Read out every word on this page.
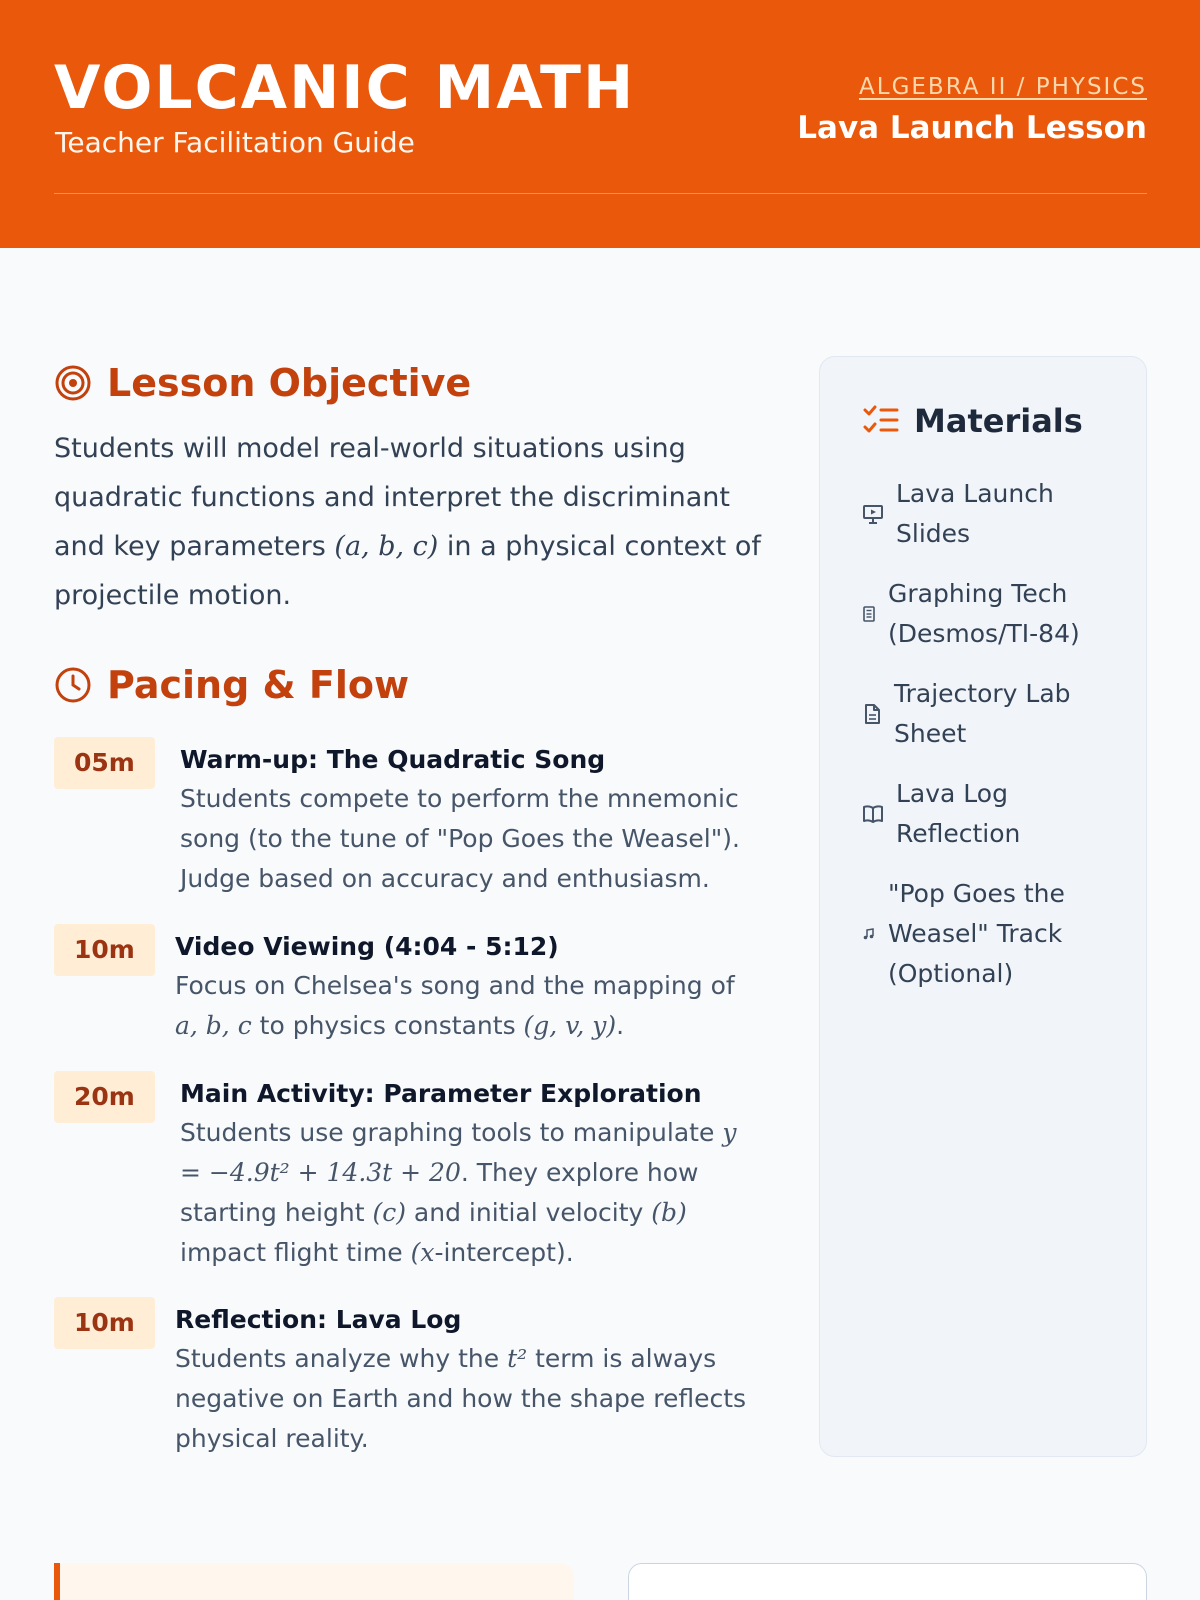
VOLCANIC MATH
Teacher Facilitation Guide
ALGEBRA II / PHYSICS
Lava Launch Lesson
Lesson Objective
Students will model real-world situations using quadratic functions and interpret the discriminant and key parameters (a, b, c) in a physical context of projectile motion.
Pacing & Flow
05m	Warm-up: The Quadratic Song
Students compete to perform the mnemonic song (to the tune of "Pop Goes the Weasel"). Judge based on accuracy and enthusiasm.
10m	Video Viewing (4:04 - 5:12)
Focus on Chelsea's song and the mapping of a, b, c to physics constants (g, v, y).
20m	Main Activity: Parameter Exploration
Students use graphing tools to manipulate y = −4.9t² + 14.3t + 20. They explore how starting height (c) and initial velocity (b) impact flight time (x-intercept).
10m	Reflection: Lava Log
Students analyze why the t² term is always negative on Earth and how the shape reflects physical reality.
Materials
Lava Launch Slides
Graphing Tech (Desmos/TI-84)
Trajectory Lab Sheet
Lava Log Reflection
"Pop Goes the Weasel" Track (Optional)
